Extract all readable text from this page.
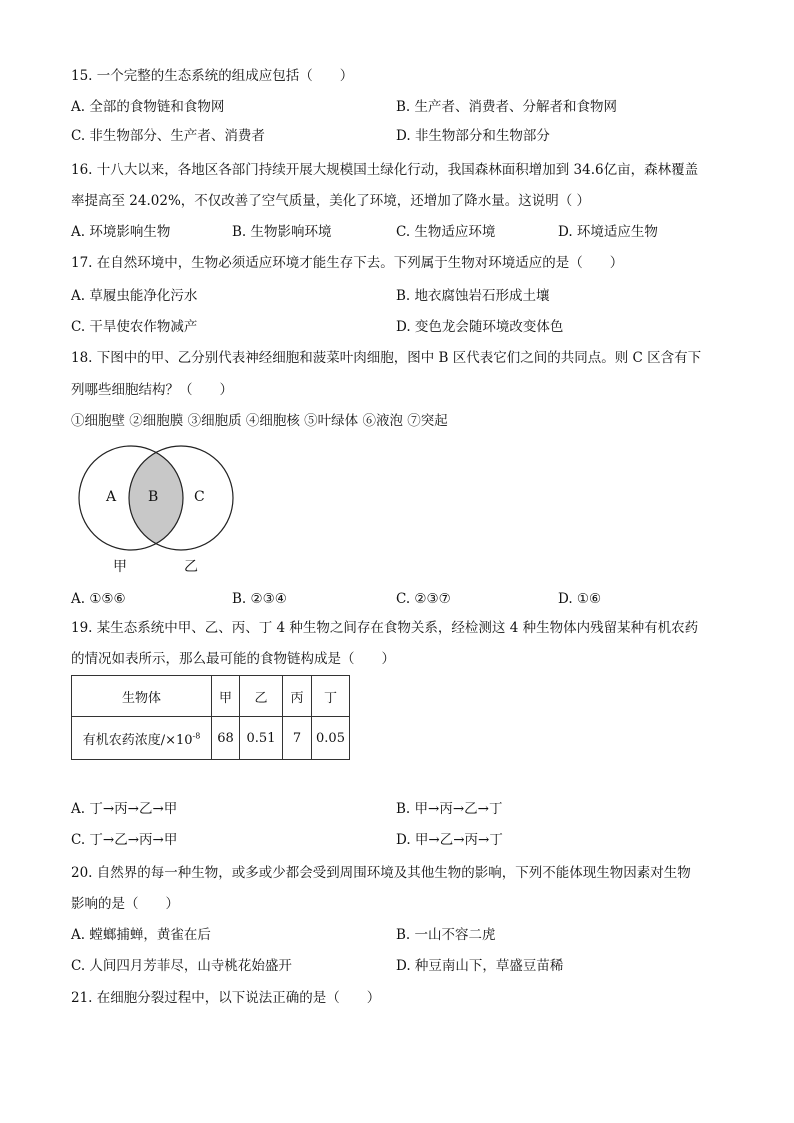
15. 一个完整的生态系统的组成应包括（　　）
A. 全部的食物链和食物网	B. 生产者、消费者、分解者和食物网
C. 非生物部分、生产者、消费者	D. 非生物部分和生物部分
16. 十八大以来，各地区各部门持续开展大规模国土绿化行动，我国森林面积增加到 34.6亿亩，森林覆盖
率提高至 24.02%，不仅改善了空气质量，美化了环境，还增加了降水量。这说明（ ）
A. 环境影响生物	B. 生物影响环境	C. 生物适应环境	D. 环境适应生物
17. 在自然环境中，生物必须适应环境才能生存下去。下列属于生物对环境适应的是（　　）
A. 草履虫能净化污水	B. 地衣腐蚀岩石形成土壤
C. 干旱使农作物减产	D. 变色龙会随环境改变体色
18. 下图中的甲、乙分别代表神经细胞和菠菜叶肉细胞，图中 B 区代表它们之间的共同点。则 C 区含有下
列哪些细胞结构？（　　）
①细胞壁 ②细胞膜 ③细胞质 ④细胞核 ⑤叶绿体 ⑥液泡 ⑦突起
A B	C
甲	乙
A. ①⑤⑥	B. ②③④	C. ②③⑦	D. ①⑥
19. 某生态系统中甲、乙、丙、丁 4 种生物之间存在食物关系，经检测这 4 种生物体内残留某种有机农药
的情况如表所示，那么最可能的食物链构成是（　　）
生物体	甲	乙	丙	丁
有机农药浓度$/\times 10^{-8}$	68	0.51	7	0.05
A. 丁→丙→乙→甲	B. 甲→丙→乙→丁
C. 丁→乙→丙→甲	D. 甲→乙→丙→丁
20. 自然界的每一种生物，或多或少都会受到周围环境及其他生物的影响，下列不能体现生物因素对生物
影响的是（　　）
A. 螳螂捕蝉，黄雀在后	B. 一山不容二虎
C. 人间四月芳菲尽，山寺桃花始盛开	D. 种豆南山下，草盛豆苗稀
21. 在细胞分裂过程中，以下说法正确的是（　　）
